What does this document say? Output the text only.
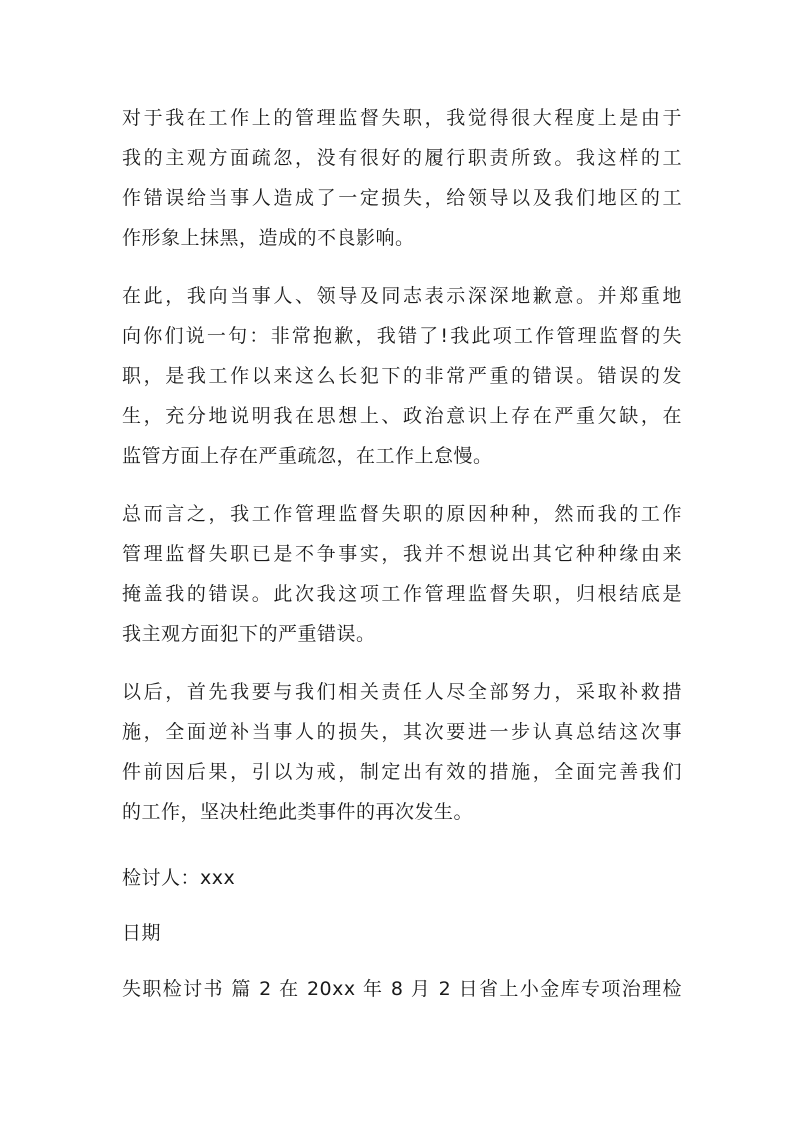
对于我在工作上的管理监督失职，我觉得很大程度上是由于
我的主观方面疏忽，没有很好的履行职责所致。我这样的工
作错误给当事人造成了一定损失，给领导以及我们地区的工
作形象上抹黑，造成的不良影响。
在此，我向当事人、领导及同志表示深深地歉意。并郑重地
向你们说一句：非常抱歉，我错了!我此项工作管理监督的失
职，是我工作以来这么长犯下的非常严重的错误。错误的发
生，充分地说明我在思想上、政治意识上存在严重欠缺，在
监管方面上存在严重疏忽，在工作上怠慢。
总而言之，我工作管理监督失职的原因种种，然而我的工作
管理监督失职已是不争事实，我并不想说出其它种种缘由来
掩盖我的错误。此次我这项工作管理监督失职，归根结底是
我主观方面犯下的严重错误。
以后，首先我要与我们相关责任人尽全部努力，采取补救措
施，全面逆补当事人的损失，其次要进一步认真总结这次事
件前因后果，引以为戒，制定出有效的措施，全面完善我们
的工作，坚决杜绝此类事件的再次发生。
检讨人：xxx
日期
失职检讨书 篇 2 在 20xx 年 8 月 2 日省上小金库专项治理检
